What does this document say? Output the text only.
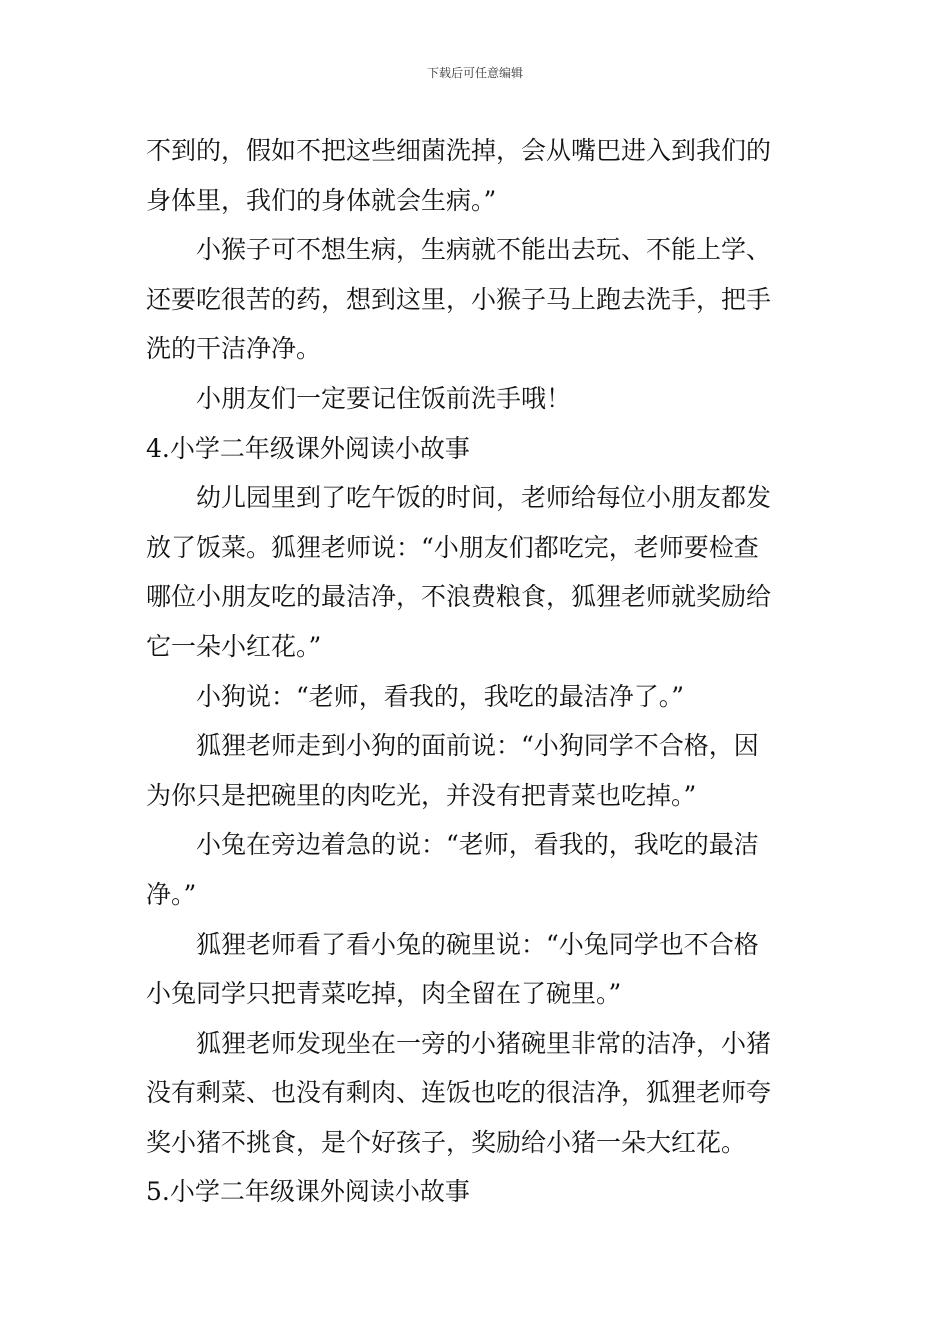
下载后可任意编辑
不到的，假如不把这些细菌洗掉，会从嘴巴进入到我们的
身体里，我们的身体就会生病。”
小猴子可不想生病，生病就不能出去玩、不能上学、
还要吃很苦的药，想到这里，小猴子马上跑去洗手，把手
洗的干洁净净。
小朋友们一定要记住饭前洗手哦！
4.小学二年级课外阅读小故事
幼儿园里到了吃午饭的时间，老师给每位小朋友都发
放了饭菜。狐狸老师说：“小朋友们都吃完，老师要检查
哪位小朋友吃的最洁净，不浪费粮食，狐狸老师就奖励给
它一朵小红花。”
小狗说：“老师，看我的，我吃的最洁净了。”
狐狸老师走到小狗的面前说：“小狗同学不合格，因
为你只是把碗里的肉吃光，并没有把青菜也吃掉。”
小兔在旁边着急的说：“老师，看我的，我吃的最洁
净。”
狐狸老师看了看小兔的碗里说：“小兔同学也不合格
小兔同学只把青菜吃掉，肉全留在了碗里。”
狐狸老师发现坐在一旁的小猪碗里非常的洁净，小猪
没有剩菜、也没有剩肉、连饭也吃的很洁净，狐狸老师夸
奖小猪不挑食，是个好孩子，奖励给小猪一朵大红花。
5.小学二年级课外阅读小故事
